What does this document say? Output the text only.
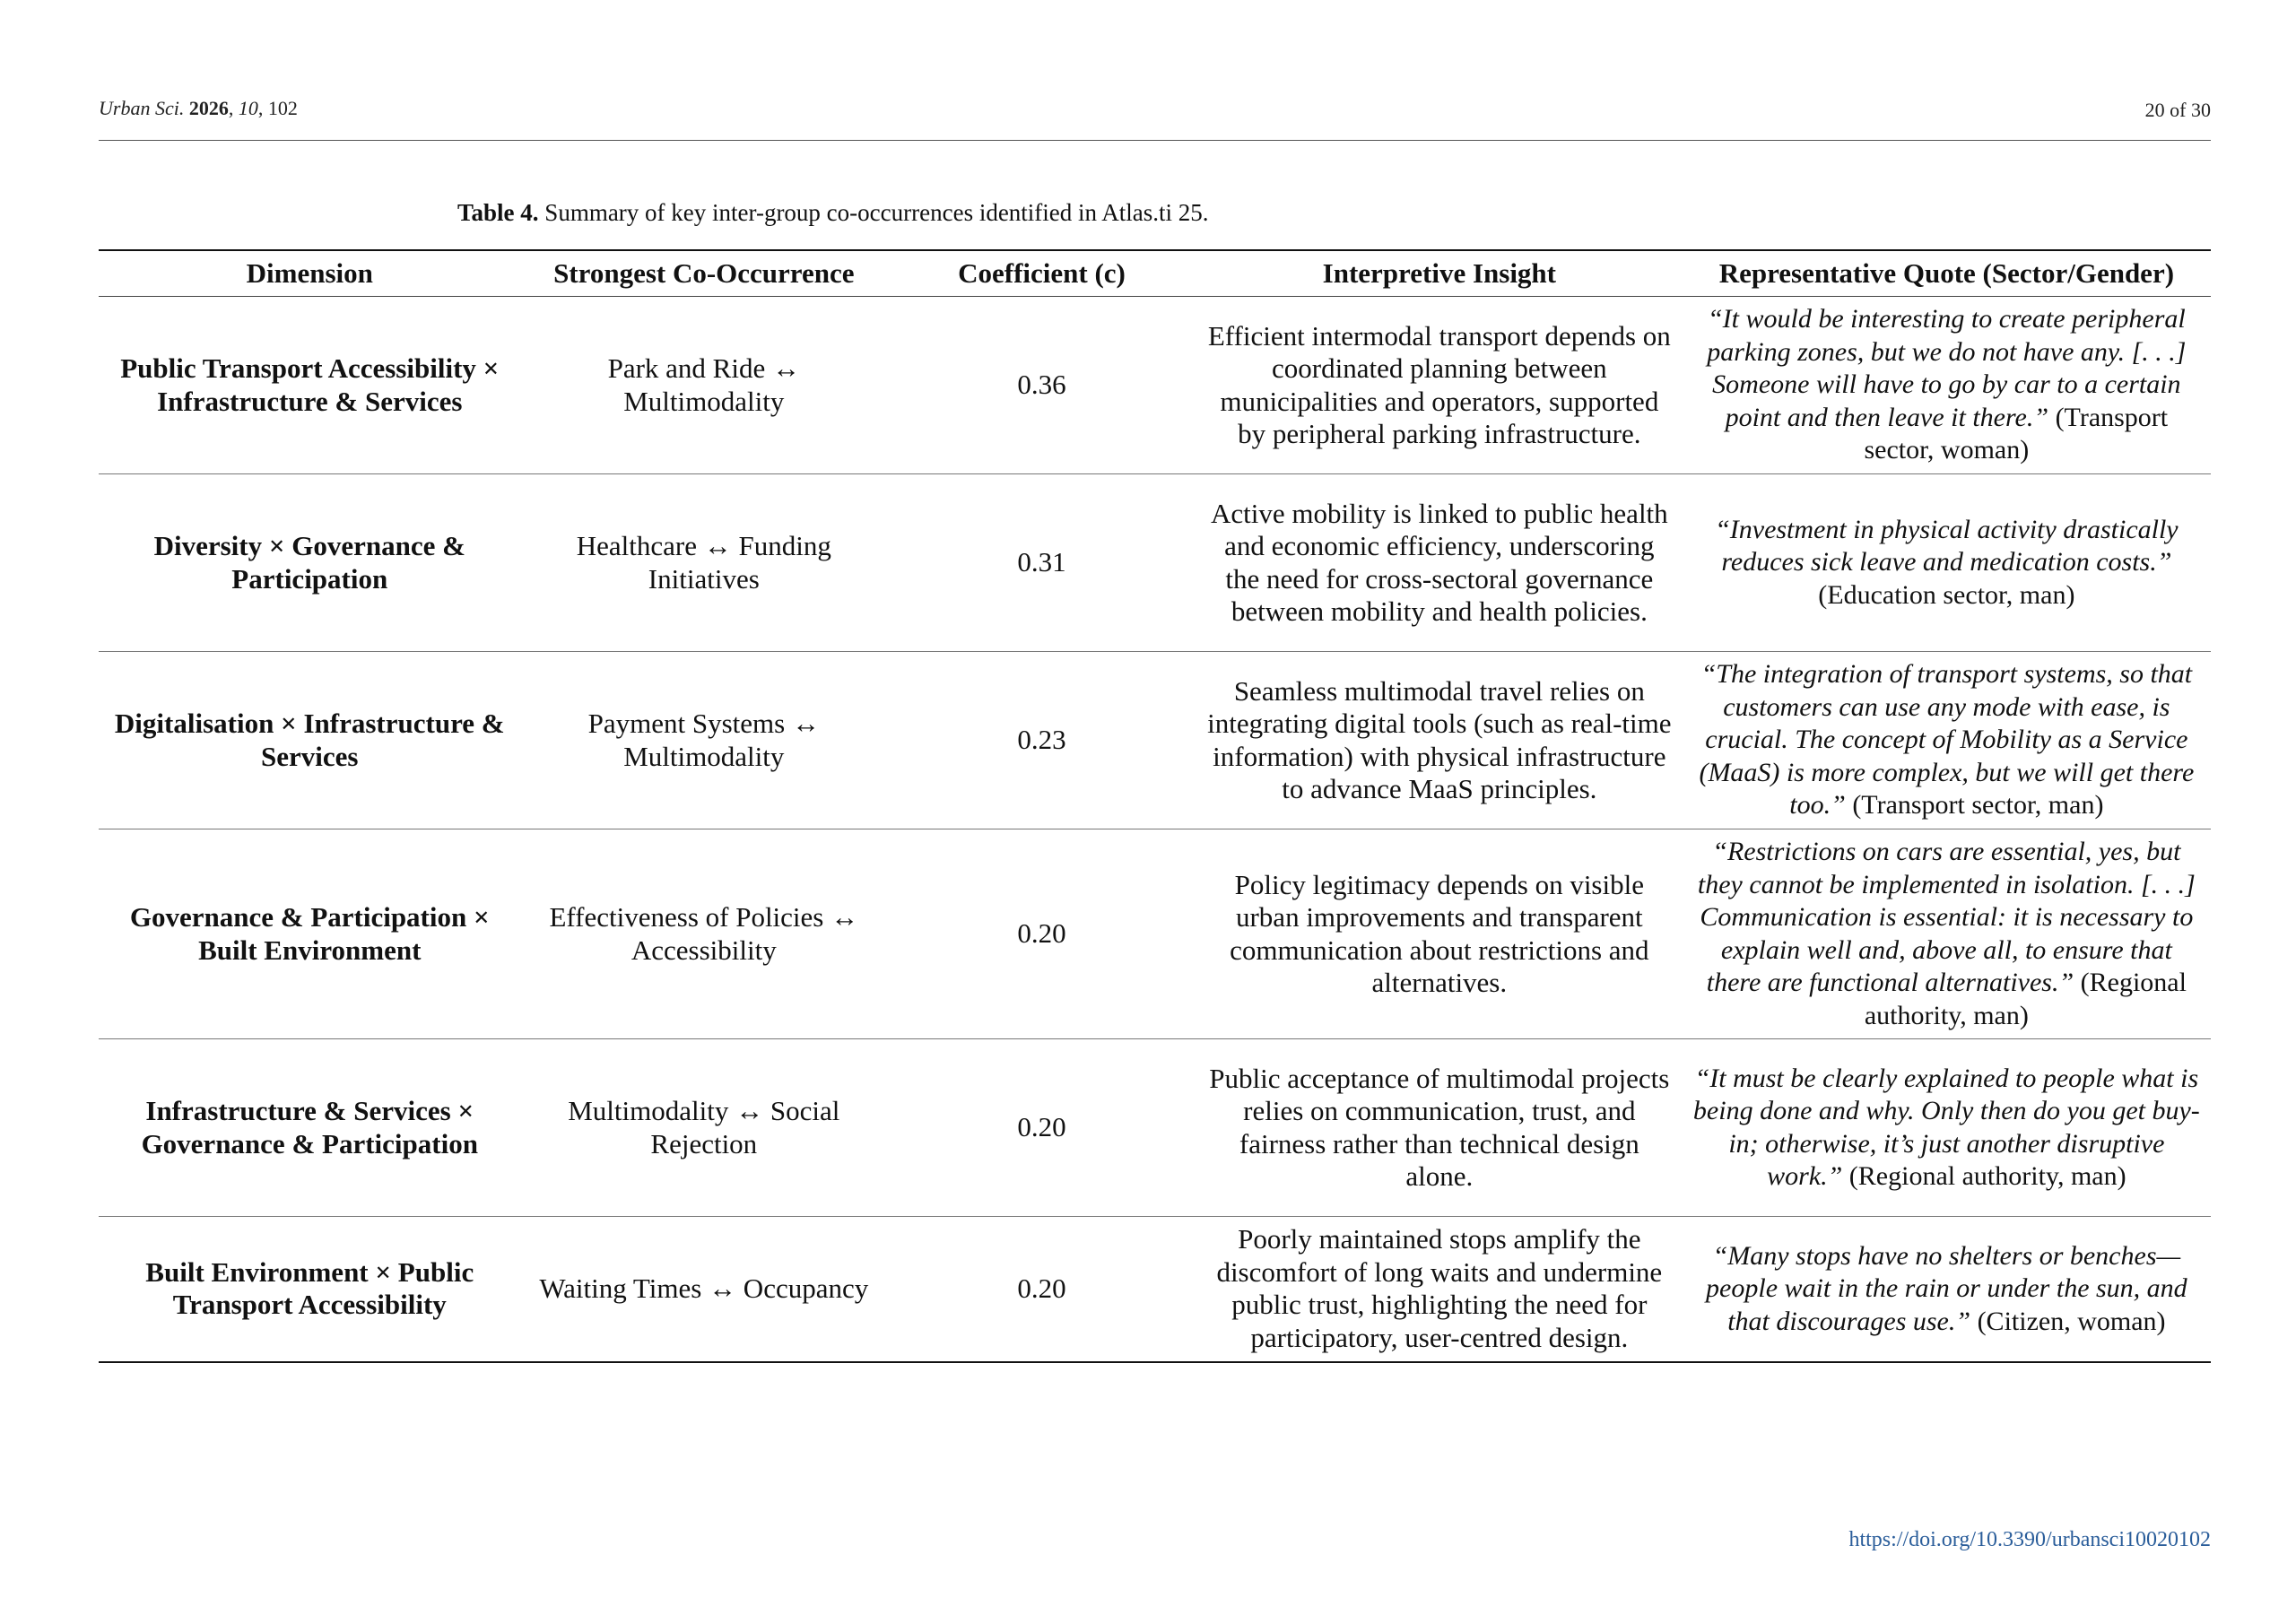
Urban Sci. 2026, 10, 102	20 of 30
Table 4. Summary of key inter-group co-occurrences identified in Atlas.ti 25.
Dimension	Strongest Co-Occurrence	Coefficient (c)	Interpretive Insight	Representative Quote (Sector/Gender)
Public Transport Accessibility × Infrastructure & Services	Park and Ride ↔ Multimodality	0.36	Efficient intermodal transport depends on coordinated planning between municipalities and operators, supported by peripheral parking infrastructure.	“It would be interesting to create peripheral parking zones, but we do not have any. [. . .] Someone will have to go by car to a certain point and then leave it there.” (Transport sector, woman)
Diversity × Governance & Participation	Healthcare ↔ Funding Initiatives	0.31	Active mobility is linked to public health and economic efficiency, underscoring the need for cross-sectoral governance between mobility and health policies.	“Investment in physical activity drastically reduces sick leave and medication costs.” (Education sector, man)
Digitalisation × Infrastructure & Services	Payment Systems ↔ Multimodality	0.23	Seamless multimodal travel relies on integrating digital tools (such as real-time information) with physical infrastructure to advance MaaS principles.	“The integration of transport systems, so that customers can use any mode with ease, is crucial. The concept of Mobility as a Service (MaaS) is more complex, but we will get there too.” (Transport sector, man)
Governance & Participation × Built Environment	Effectiveness of Policies ↔ Accessibility	0.20	Policy legitimacy depends on visible urban improvements and transparent communication about restrictions and alternatives.	“Restrictions on cars are essential, yes, but they cannot be implemented in isolation. [. . .] Communication is essential: it is necessary to explain well and, above all, to ensure that there are functional alternatives.” (Regional authority, man)
Infrastructure & Services × Governance & Participation	Multimodality ↔ Social Rejection	0.20	Public acceptance of multimodal projects relies on communication, trust, and fairness rather than technical design alone.	“It must be clearly explained to people what is being done and why. Only then do you get buy-in; otherwise, it’s just another disruptive work.” (Regional authority, man)
Built Environment × Public Transport Accessibility	Waiting Times ↔ Occupancy	0.20	Poorly maintained stops amplify the discomfort of long waits and undermine public trust, highlighting the need for participatory, user-centred design.	“Many stops have no shelters or benches—people wait in the rain or under the sun, and that discourages use.” (Citizen, woman)
https://doi.org/10.3390/urbansci10020102
